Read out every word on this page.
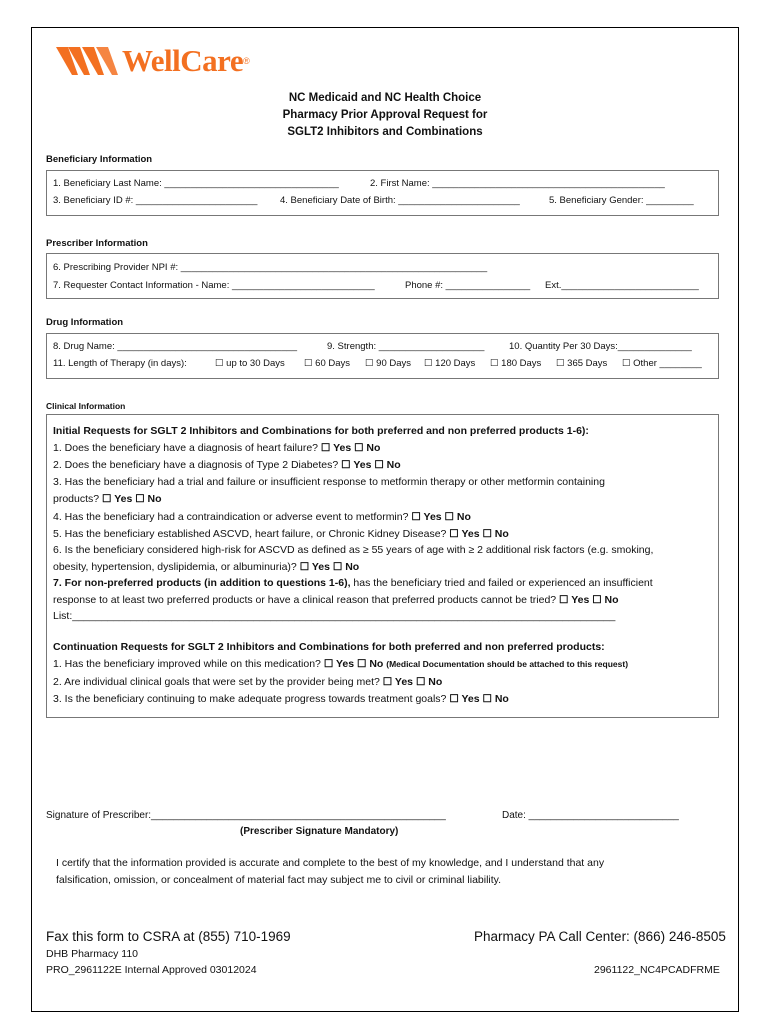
WellCare ®
NC Medicaid and NC Health Choice
Pharmacy Prior Approval Request for
SGLT2 Inhibitors and Combinations
Beneficiary Information
1. Beneficiary Last Name: _________________________________	2. First Name: ____________________________________________
3. Beneficiary ID #: _______________________ 4. Beneficiary Date of Birth: _______________________	5. Beneficiary Gender: _________
Prescriber Information
6. Prescribing Provider NPI #: __________________________________________________________
7. Requester Contact Information - Name: ___________________________	Phone #: ________________ Ext.__________________________
Drug Information
8. Drug Name: __________________________________	9. Strength: ____________________	10. Quantity Per 30 Days:______________
11. Length of Therapy (in days):	☐ up to 30 Days ☐ 60 Days ☐ 90 Days ☐ 120 Days ☐ 180 Days ☐ 365 Days ☐ Other ________
Clinical Information
Initial Requests for SGLT 2 Inhibitors and Combinations for both preferred and non preferred products 1-6):
1. Does the beneficiary have a diagnosis of heart failure? ☐ Yes ☐ No
2. Does the beneficiary have a diagnosis of Type 2 Diabetes? ☐ Yes ☐ No
3. Has the beneficiary had a trial and failure or insufficient response to metformin therapy or other metformin containing
products? ☐ Yes ☐ No
4. Has the beneficiary had a contraindication or adverse event to metformin? ☐ Yes ☐ No
5. Has the beneficiary established ASCVD, heart failure, or Chronic Kidney Disease? ☐ Yes ☐ No
6. Is the beneficiary considered high-risk for ASCVD as defined as ≥ 55 years of age with ≥ 2 additional risk factors (e.g. smoking,
obesity, hypertension, dyslipidemia, or albuminuria)? ☐ Yes ☐ No
7. For non-preferred products (in addition to questions 1-6), has the beneficiary tried and failed or experienced an insufficient
response to at least two preferred products or have a clinical reason that preferred products cannot be tried? ☐ Yes ☐ No
List:_____________________________________________________________________________________________
Continuation Requests for SGLT 2 Inhibitors and Combinations for both preferred and non preferred products:
1. Has the beneficiary improved while on this medication? ☐ Yes ☐ No (Medical Documentation should be attached to this request)
2. Are individual clinical goals that were set by the provider being met? ☐ Yes ☐ No
3. Is the beneficiary continuing to make adequate progress towards treatment goals? ☐ Yes ☐ No
Signature of Prescriber:_____________________________________________________	Date: ___________________________
(Prescriber Signature Mandatory)
I certify that the information provided is accurate and complete to the best of my knowledge, and I understand that any
falsification, omission, or concealment of material fact may subject me to civil or criminal liability.
Fax this form to CSRA at (855) 710-1969	Pharmacy PA Call Center: (866) 246-8505
DHB Pharmacy 110
PRO_2961122E Internal Approved 03012024	2961122_NC4PCADFRME
